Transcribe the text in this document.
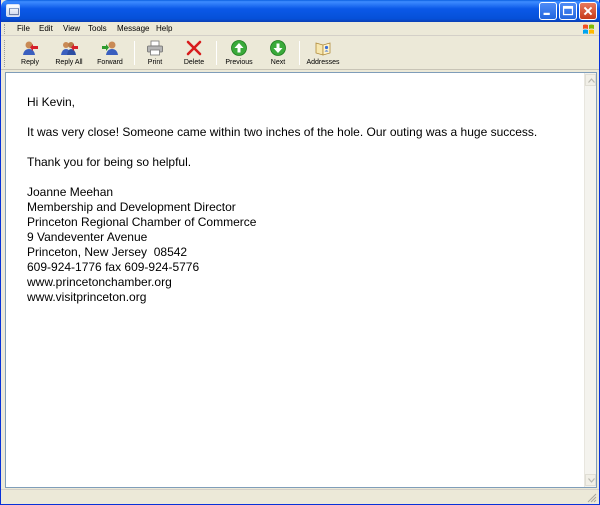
File Edit View Tools Message Help
Reply	Reply All	Forward	Print	Delete	Previous	Next	Addresses
Hi Kevin,
It was very close! Someone came within two inches of the hole. Our outing was a huge success.
Thank you for being so helpful.
Joanne Meehan
Membership and Development Director
Princeton Regional Chamber of Commerce
9 Vandeventer Avenue
Princeton, New Jersey  08542
609-924-1776 fax 609-924-5776
www.princetonchamber.org
www.visitprinceton.org
